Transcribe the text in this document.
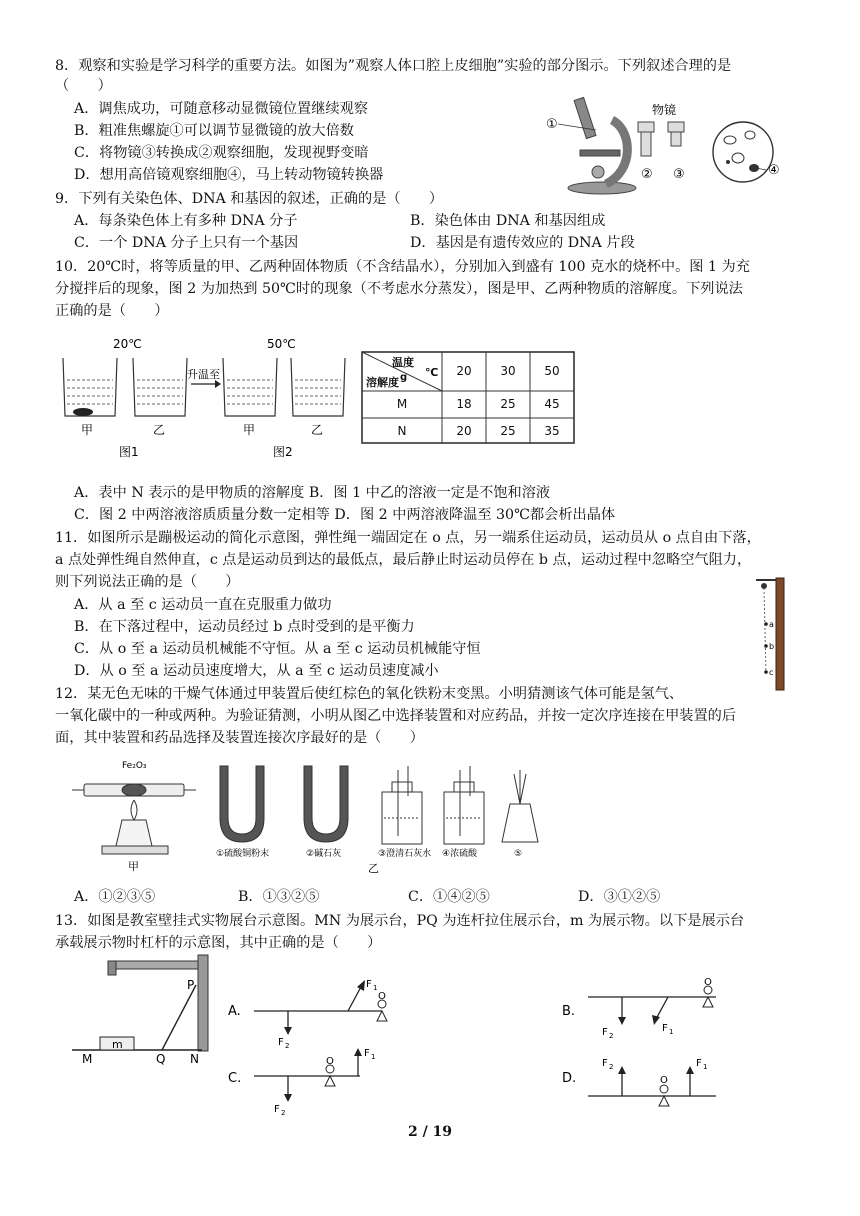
8．观察和实验是学习科学的重要方法。如图为”观察人体口腔上皮细胞”实验的部分图示。下列叙述合理的是
（　　）
A．调焦成功，可随意移动显微镜位置继续观察
B．粗准焦螺旋①可以调节显微镜的放大倍数
C．将物镜③转换成②观察细胞，发现视野变暗
D．想用高倍镜观察细胞④，马上转动物镜转换器
①
物镜
② ③	④
9．下列有关染色体、DNA 和基因的叙述，正确的是（　　）
A．每条染色体上有多种 DNA 分子	B．染色体由 DNA 和基因组成
C．一个 DNA 分子上只有一个基因	D．基因是有遗传效应的 DNA 片段
10．20℃时，将等质量的甲、乙两种固体物质（不含结晶水），分别加入到盛有 100 克水的烧杯中。图 1 为充
分搅拌后的现象，图 2 为加热到 50℃时的现象（不考虑水分蒸发），图是甲、乙两种物质的溶解度。下列说法
正确的是（　　）
20℃	50℃
升温至
甲	乙	甲	乙
图1	图2
温度
℃
溶解度 g	20	30	50
M	18	25	45
N	20	25	35
A．表中 N 表示的是甲物质的溶解度 B．图 1 中乙的溶液一定是不饱和溶液
C．图 2 中两溶液溶质质量分数一定相等 D．图 2 中两溶液降温至 30℃都会析出晶体
11．如图所示是蹦极运动的简化示意图，弹性绳一端固定在 o 点，另一端系住运动员，运动员从 o 点自由下落，
a 点处弹性绳自然伸直，c 点是运动员到达的最低点，最后静止时运动员停在 b 点，运动过程中忽略空气阻力，
则下列说法正确的是（　　）
A．从 a 至 c 运动员一直在克服重力做功
B．在下落过程中，运动员经过 b 点时受到的是平衡力
C．从 o 至 a 运动员机械能不守恒。从 a 至 c 运动员机械能守恒
D．从 o 至 a 运动员速度增大，从 a 至 c 运动员速度减小
a
b
c
12．某无色无味的干燥气体通过甲装置后使红棕色的氧化铁粉末变黑。小明猜测该气体可能是氢气、
一氧化碳中的一种或两种。为验证猜测，小明从图乙中选择装置和对应药品，并按一定次序连接在甲装置的后
面，其中装置和药品选择及装置连接次序最好的是（　　）
Fe₂O₃
甲
①硫酸铜粉末	②碱石灰	③澄清石灰水 ④浓硫酸	⑤
乙
A．①②③⑤	B．①③②⑤	C．①④②⑤	D．③①②⑤
13．如图是教室壁挂式实物展台示意图。MN 为展示台，PQ 为连杆拉住展示台，m 为展示物。以下是展示台
承载展示物时杠杆的示意图，其中正确的是（　　）
P
m
M	Q N
A.
O
F 1
F 2
B.
O
F 2
F 1
C.
O
F 1
F 2
D.	O
F 2	F 1
2 / 19
